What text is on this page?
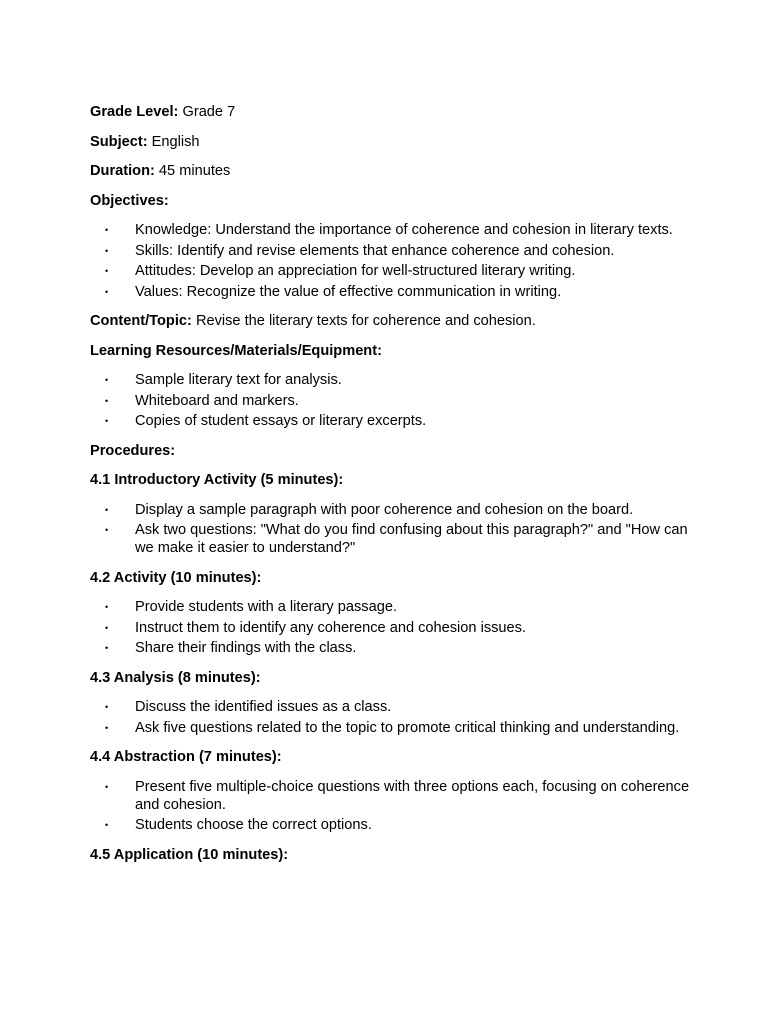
Grade Level: Grade 7

Subject: English

Duration: 45 minutes

Objectives:

• Knowledge: Understand the importance of coherence and cohesion in literary texts.
• Skills: Identify and revise elements that enhance coherence and cohesion.
• Attitudes: Develop an appreciation for well-structured literary writing.
• Values: Recognize the value of effective communication in writing.

Content/Topic: Revise the literary texts for coherence and cohesion.

Learning Resources/Materials/Equipment:

• Sample literary text for analysis.
• Whiteboard and markers.
• Copies of student essays or literary excerpts.

Procedures:

4.1 Introductory Activity (5 minutes):

• Display a sample paragraph with poor coherence and cohesion on the board.
• Ask two questions: "What do you find confusing about this paragraph?" and "How can we make it easier to understand?"

4.2 Activity (10 minutes):

• Provide students with a literary passage.
• Instruct them to identify any coherence and cohesion issues.
• Share their findings with the class.

4.3 Analysis (8 minutes):

• Discuss the identified issues as a class.
• Ask five questions related to the topic to promote critical thinking and understanding.

4.4 Abstraction (7 minutes):

• Present five multiple-choice questions with three options each, focusing on coherence and cohesion.
• Students choose the correct options.

4.5 Application (10 minutes):
